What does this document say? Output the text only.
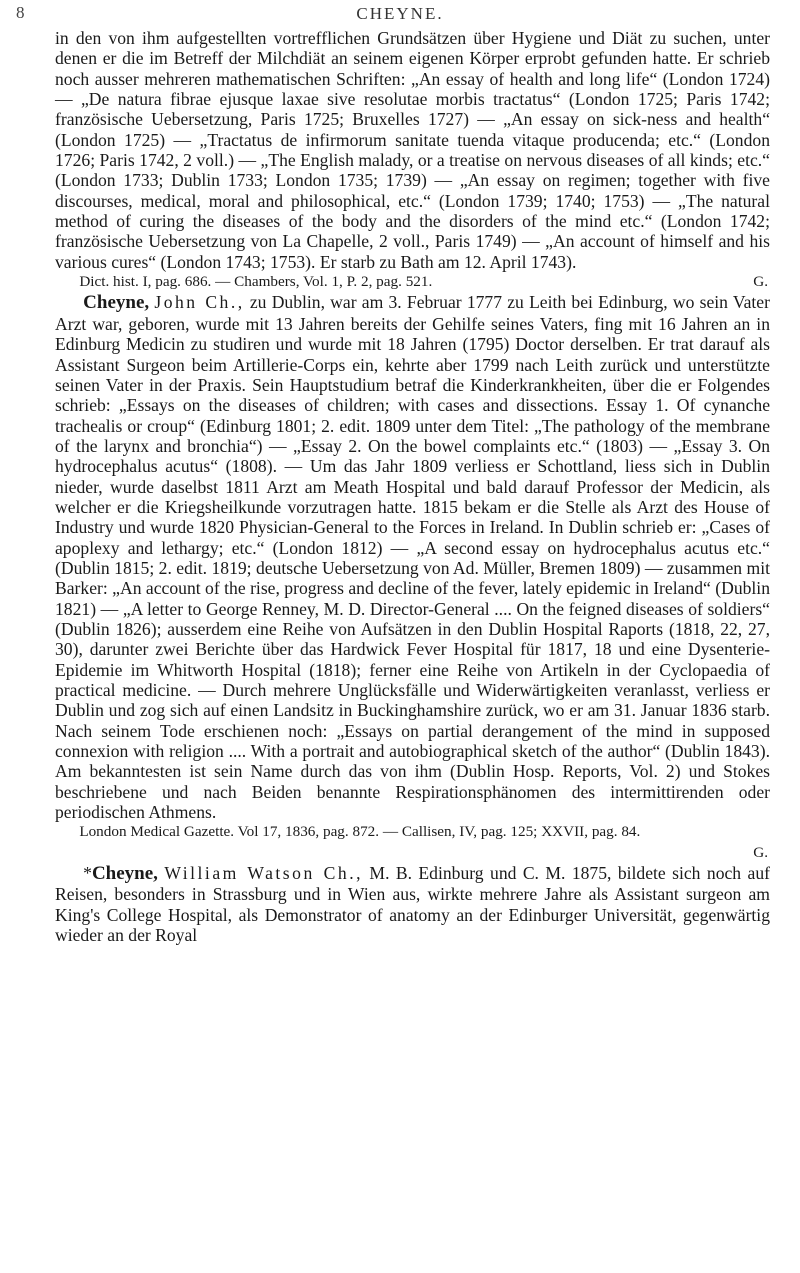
8	CHEYNE.

in den von ihm aufgestellten vortrefflichen Grundsätzen über Hygiene und Diät zu suchen, unter denen er die im Betreff der Milchdiät an seinem eigenen Körper erprobt gefunden hatte. Er schrieb noch ausser mehreren mathematischen Schriften: „An essay of health and long life“ (London 1724) — „De natura fibrae ejusque laxae sive resolutae morbis tractatus“ (London 1725; Paris 1742; französische Uebersetzung, Paris 1725; Bruxelles 1727) — „An essay on sick-ness and health“ (London 1725) — „Tractatus de infirmorum sanitate tuenda vitaque producenda; etc.“ (London 1726; Paris 1742, 2 voll.) — „The English malady, or a treatise on nervous diseases of all kinds; etc.“ (London 1733; Dublin 1733; London 1735; 1739) — „An essay on regimen; together with five discourses, medical, moral and philosophical, etc.“ (London 1739; 1740; 1753) — „The natural method of curing the diseases of the body and the disorders of the mind etc.“ (London 1742; französische Uebersetzung von La Chapelle, 2 voll., Paris 1749) — „An account of himself and his various cures“ (London 1743; 1753). Er starb zu Bath am 12. April 1743).

Dict. hist. I, pag. 686. — Chambers, Vol. 1, P. 2, pag. 521.	G.

Cheyne, John Ch., zu Dublin, war am 3. Februar 1777 zu Leith bei Edinburg, wo sein Vater Arzt war, geboren, wurde mit 13 Jahren bereits der Gehilfe seines Vaters, fing mit 16 Jahren an in Edinburg Medicin zu studiren und wurde mit 18 Jahren (1795) Doctor derselben. Er trat darauf als Assistant Surgeon beim Artillerie-Corps ein, kehrte aber 1799 nach Leith zurück und unterstützte seinen Vater in der Praxis. Sein Hauptstudium betraf die Kinderkrankheiten, über die er Folgendes schrieb: „Essays on the diseases of children; with cases and dissections. Essay 1. Of cynanche trachealis or croup“ (Edinburg 1801; 2. edit. 1809 unter dem Titel: „The pathology of the membrane of the larynx and bronchia“) — „Essay 2. On the bowel complaints etc.“ (1803) — „Essay 3. On hydrocephalus acutus“ (1808). — Um das Jahr 1809 verliess er Schottland, liess sich in Dublin nieder, wurde daselbst 1811 Arzt am Meath Hospital und bald darauf Professor der Medicin, als welcher er die Kriegsheilkunde vorzutragen hatte. 1815 bekam er die Stelle als Arzt des House of Industry und wurde 1820 Physician-General to the Forces in Ireland. In Dublin schrieb er: „Cases of apoplexy and lethargy; etc.“ (London 1812) — „A second essay on hydrocephalus acutus etc.“ (Dublin 1815; 2. edit. 1819; deutsche Uebersetzung von Ad. Müller, Bremen 1809) — zusammen mit Barker: „An account of the rise, progress and decline of the fever, lately epidemic in Ireland“ (Dublin 1821) — „A letter to George Renney, M. D. Director-General .... On the feigned diseases of soldiers“ (Dublin 1826); ausserdem eine Reihe von Aufsätzen in den Dublin Hospital Raports (1818, 22, 27, 30), darunter zwei Berichte über das Hardwick Fever Hospital für 1817, 18 und eine Dysenterie-Epidemie im Whitworth Hospital (1818); ferner eine Reihe von Artikeln in der Cyclopaedia of practical medicine. — Durch mehrere Unglücksfälle und Widerwärtigkeiten veranlasst, verliess er Dublin und zog sich auf einen Landsitz in Buckinghamshire zurück, wo er am 31. Januar 1836 starb. Nach seinem Tode erschienen noch: „Essays on partial derangement of the mind in supposed connexion with religion .... With a portrait and autobiographical sketch of the author“ (Dublin 1843). Am bekanntesten ist sein Name durch das von ihm (Dublin Hosp. Reports, Vol. 2) und Stokes beschriebene und nach Beiden benannte Respirationsphänomen des intermittirenden oder periodischen Athmens.

London Medical Gazette. Vol 17, 1836, pag. 872. — Callisen, IV, pag. 125; XXVII, pag. 84.
G.

*Cheyne, William Watson Ch., M. B. Edinburg und C. M. 1875, bildete sich noch auf Reisen, besonders in Strassburg und in Wien aus, wirkte mehrere Jahre als Assistant surgeon am King's College Hospital, als Demonstrator of anatomy an der Edinburger Universität, gegenwärtig wieder an der Royal
